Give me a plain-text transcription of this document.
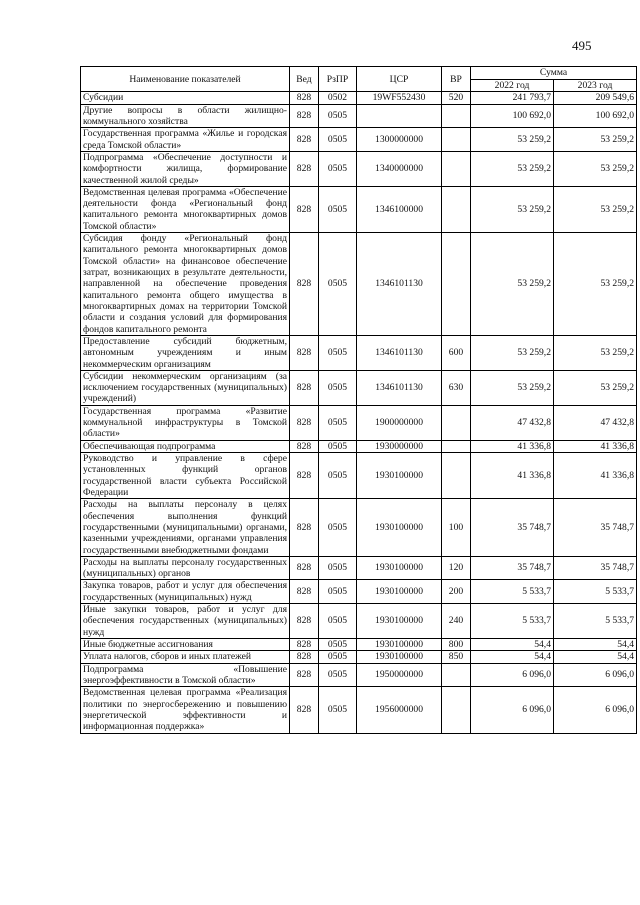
495
Наименование показателей	Вед	РзПР	ЦСР	ВР	Сумма	
					2022 год	2023 год
Субсидии	828	0502	19WF552430	520	241 793,7	209 549,6
Другие вопросы в области жилищно-коммунального хозяйства	828	0505			100 692,0	100 692,0
Государственная программа «Жилье и городская среда Томской области»	828	0505	1300000000		53 259,2	53 259,2
Подпрограмма «Обеспечение доступности и комфортности жилища, формирование качественной жилой среды»	828	0505	1340000000		53 259,2	53 259,2
Ведомственная целевая программа «Обеспечение деятельности фонда «Региональный фонд капитального ремонта многоквартирных домов Томской области»	828	0505	1346100000		53 259,2	53 259,2
Субсидия фонду «Региональный фонд капитального ремонта многоквартирных домов Томской области» на финансовое обеспечение затрат, возникающих в результате деятельности, направленной на обеспечение проведения капитального ремонта общего имущества в многоквартирных домах на территории Томской области и создания условий для формирования фондов капитального ремонта	828	0505	1346101130		53 259,2	53 259,2
Предоставление субсидий бюджетным, автономным учреждениям и иным некоммерческим организациям	828	0505	1346101130	600	53 259,2	53 259,2
Субсидии некоммерческим организациям (за исключением государственных (муниципальных) учреждений)	828	0505	1346101130	630	53 259,2	53 259,2
Государственная программа «Развитие коммунальной инфраструктуры в Томской области»	828	0505	1900000000		47 432,8	47 432,8
Обеспечивающая подпрограмма	828	0505	1930000000		41 336,8	41 336,8
Руководство и управление в сфере установленных функций органов государственной власти субъекта Российской Федерации	828	0505	1930100000		41 336,8	41 336,8
Расходы на выплаты персоналу в целях обеспечения выполнения функций государственными (муниципальными) органами, казенными учреждениями, органами управления государственными внебюджетными фондами	828	0505	1930100000	100	35 748,7	35 748,7
Расходы на выплаты персоналу государственных (муниципальных) органов	828	0505	1930100000	120	35 748,7	35 748,7
Закупка товаров, работ и услуг для обеспечения государственных (муниципальных) нужд	828	0505	1930100000	200	5 533,7	5 533,7
Иные закупки товаров, работ и услуг для обеспечения государственных (муниципальных) нужд	828	0505	1930100000	240	5 533,7	5 533,7
Иные бюджетные ассигнования	828	0505	1930100000	800	54,4	54,4
Уплата налогов, сборов и иных платежей	828	0505	1930100000	850	54,4	54,4
Подпрограмма «Повышение энергоэффективности в Томской области»	828	0505	1950000000		6 096,0	6 096,0
Ведомственная целевая программа «Реализация политики по энергосбережению и повышению энергетической эффективности и информационная поддержка»	828	0505	1956000000		6 096,0	6 096,0
